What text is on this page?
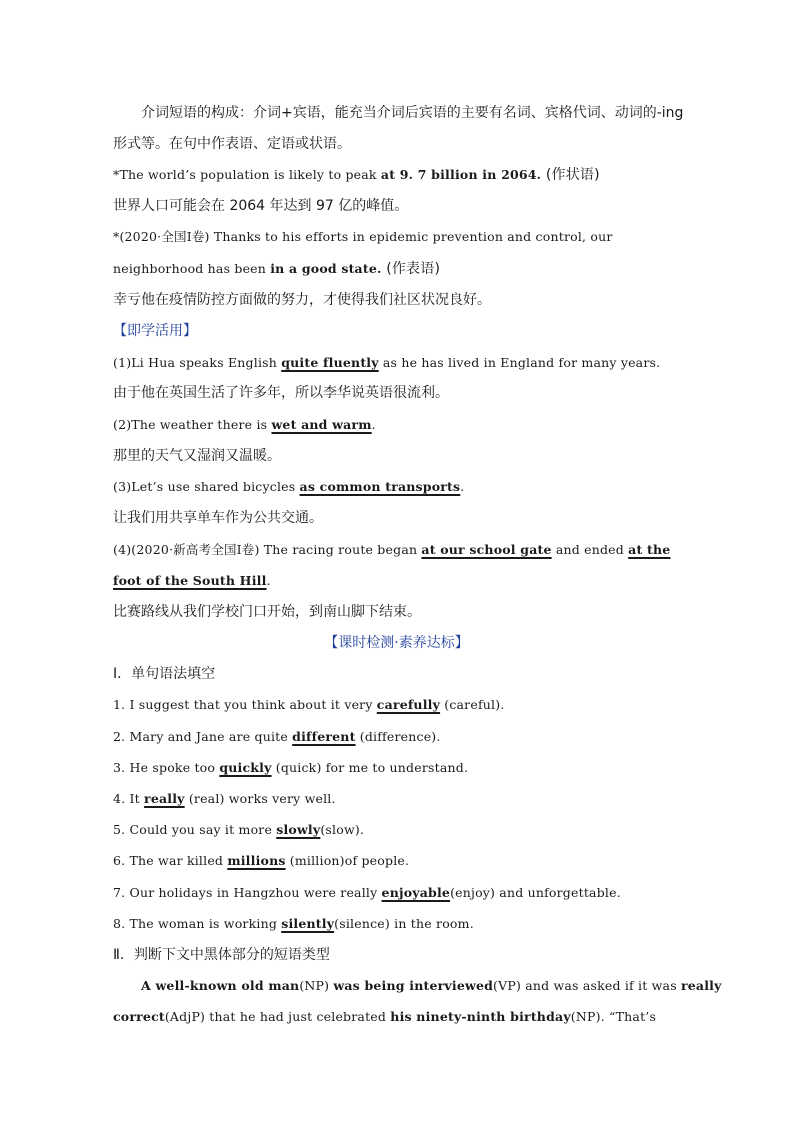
介词短语的构成：介词+宾语，能充当介词后宾语的主要有名词、宾格代词、动词的-ing
形式等。在句中作表语、定语或状语。
*The world’s population is likely to peak at 9. 7 billion in 2064. (作状语)
世界人口可能会在 2064 年达到 97 亿的峰值。
*(2020·全国Ⅰ卷) Thanks to his efforts in epidemic prevention and control, our
neighborhood has been in a good state. (作表语)
幸亏他在疫情防控方面做的努力，才使得我们社区状况良好。
【即学活用】
(1)Li Hua speaks English quite fluently as he has lived in England for many years.
由于他在英国生活了许多年，所以李华说英语很流利。
(2)The weather there is wet and warm.
那里的天气又湿润又温暖。
(3)Let’s use shared bicycles as common transports.
让我们用共享单车作为公共交通。
(4)(2020·新高考全国Ⅰ卷) The racing route began at our school gate and ended at the
foot of the South Hill.
比赛路线从我们学校门口开始，到南山脚下结束。
【课时检测·素养达标】
Ⅰ．单句语法填空
1. I suggest that you think about it very carefully (careful).
2. Mary and Jane are quite different (difference).
3. He spoke too quickly (quick) for me to understand.
4. It really (real) works very well.
5. Could you say it more slowly(slow).
6. The war killed millions (million)of people.
7. Our holidays in Hangzhou were really enjoyable(enjoy) and unforgettable.
8. The woman is working silently(silence) in the room.
Ⅱ．判断下文中黑体部分的短语类型
A well-known old man(NP) was being interviewed(VP) and was asked if it was really
correct(AdjP) that he had just celebrated his ninety-ninth birthday(NP). “That’s
